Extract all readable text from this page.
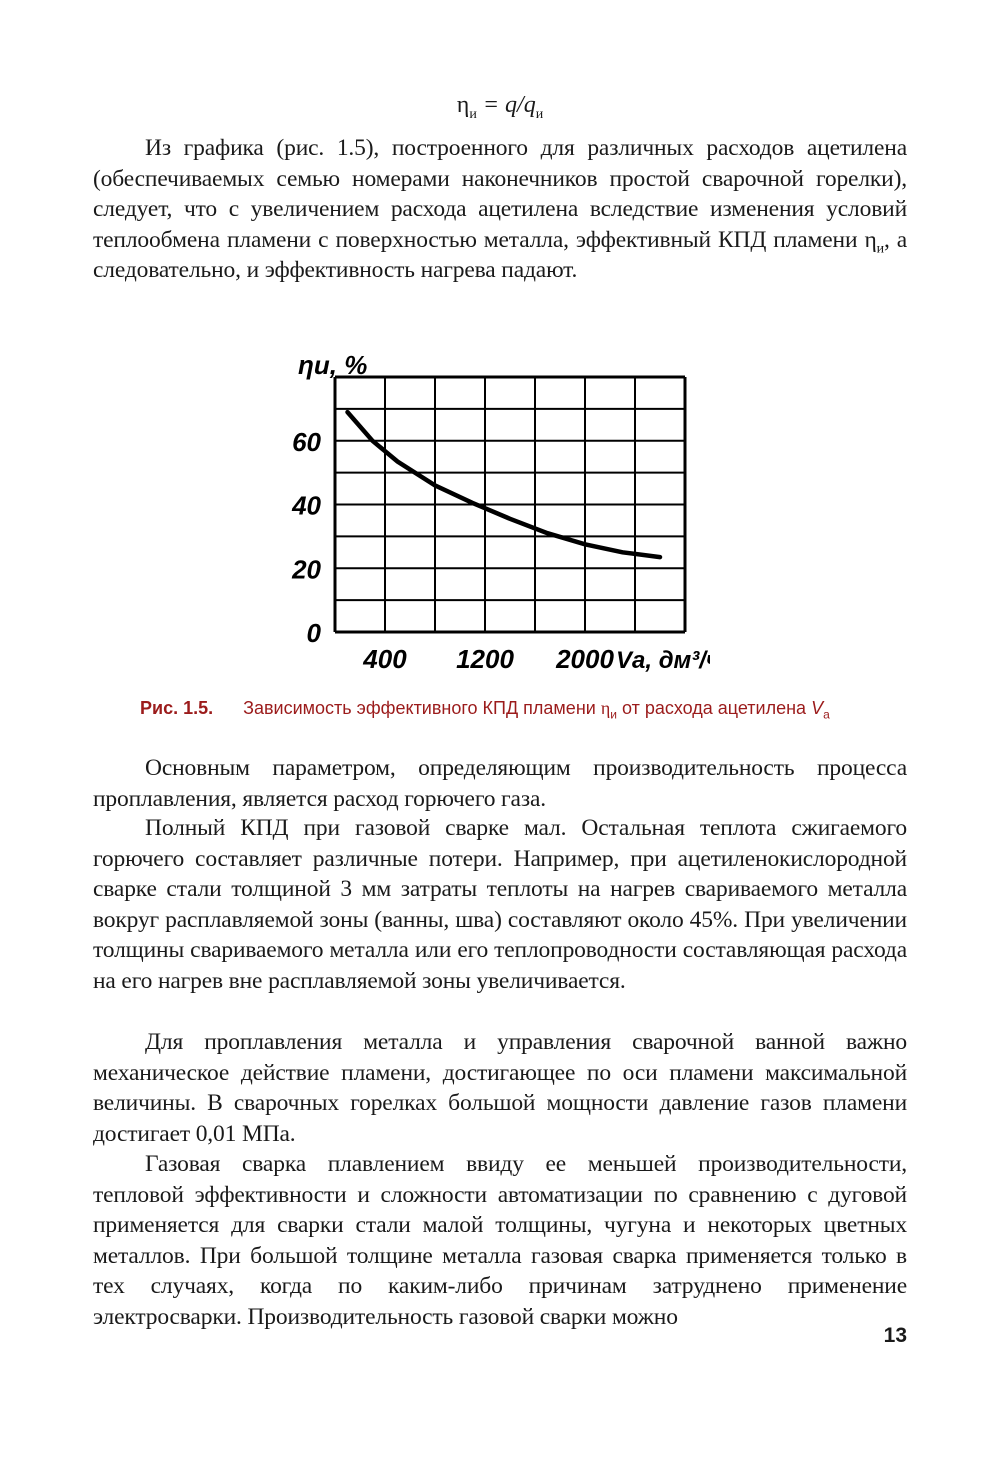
$\eta_и = q/q_и$

Из графика (рис. 1.5), построенного для различных расходов ацетилена (обеспечиваемых семью номерами наконечников простой сварочной горелки), следует, что с увеличением расхода ацетилена вследствие изменения условий теплообмена пламени с поверхностью металла, эффективный КПД пламени $\eta_и$, а следовательно, и эффективность нагрева падают.

0
20
40
60
400 1200 2000
ηи, %
Vа, дм³/ч
Рис. 1.5. Зависимость эффективного КПД пламени $\eta_и$ от расхода ацетилена $V_а$

Основным параметром, определяющим производительность процесса проплавления, является расход горючего газа.

Полный КПД при газовой сварке мал. Остальная теплота сжигаемого горючего составляет различные потери. Например, при ацетиленокислородной сварке стали толщиной 3 мм затраты теплоты на нагрев свариваемого металла вокруг расплавляемой зоны (ванны, шва) составляют около 45%. При увеличении толщины свариваемого металла или его теплопроводности составляющая расхода на его нагрев вне расплавляемой зоны увеличивается.

Для проплавления металла и управления сварочной ванной важно механическое действие пламени, достигающее по оси пламени максимальной величины. В сварочных горелках большой мощности давление газов пламени достигает 0,01 МПа.

Газовая сварка плавлением ввиду ее меньшей производительности, тепловой эффективности и сложности автоматизации по сравнению с дуговой применяется для сварки стали малой толщины, чугуна и некоторых цветных металлов. При большой толщине металла газовая сварка применяется только в тех случаях, когда по каким-либо причинам затруднено применение электросварки. Производительность газовой сварки можно

13
